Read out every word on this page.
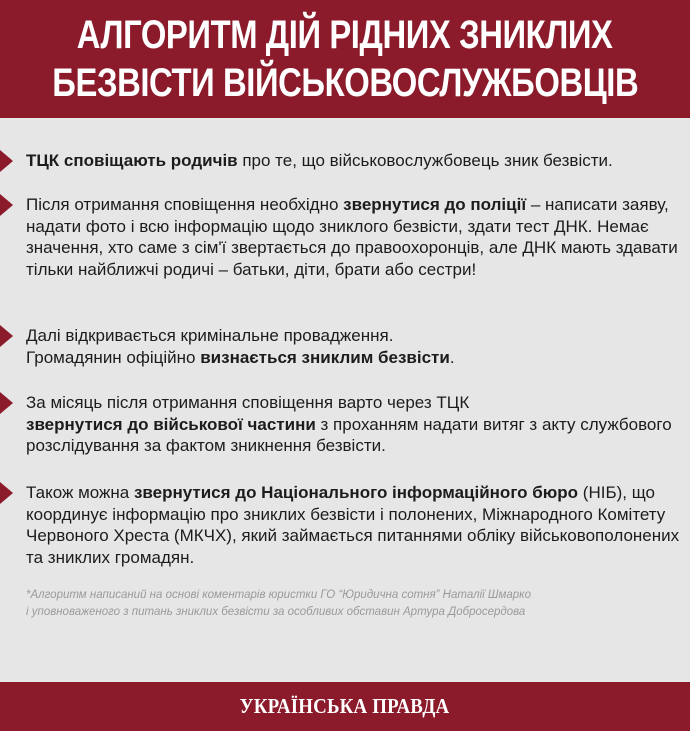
АЛГОРИТМ ДІЙ РІДНИХ ЗНИКЛИХ
БЕЗВІСТИ ВІЙСЬКОВОСЛУЖБОВЦІВ
ТЦК сповіщають родичів про те, що військовослужбовець зник безвісти.
Після отримання сповіщення необхідно звернутися до поліції – написати заяву, надати фото і всю інформацію щодо зниклого безвісти, здати тест ДНК. Немає значення, хто саме з сім'ї звертається до правоохоронців, але ДНК мають здавати тільки найближчі родичі – батьки, діти, брати або сестри!
Далі відкривається кримінальне провадження.
Громадянин офіційно визнається зниклим безвісти.
За місяць після отримання сповіщення варто через ТЦК
звернутися до військової частини з проханням надати витяг з акту службового розслідування за фактом зникнення безвісти.
Також можна звернутися до Національного інформаційного бюро (НІБ), що координує інформацію про зниклих безвісти і полонених, Міжнародного Комітету Червоного Хреста (МКЧХ), який займається питаннями обліку військовополонених та зниклих громадян.
*Алгоритм написаний на основі коментарів юристки ГО “Юридична сотня” Наталії Шмарко
і уповноваженого з питань зниклих безвісти за особливих обставин Артура Добросердова
УКРАЇНСЬКА ПРАВДА
